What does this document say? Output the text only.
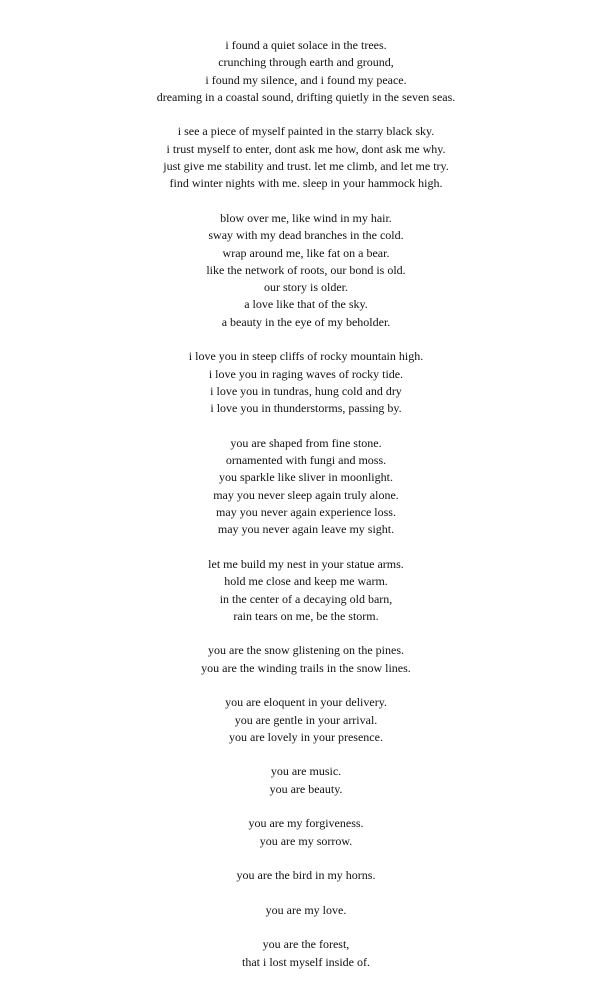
i found a quiet solace in the trees.
crunching through earth and ground,
i found my silence, and i found my peace.
dreaming in a coastal sound, drifting quietly in the seven seas.
i see a piece of myself painted in the starry black sky.
i trust myself to enter, dont ask me how, dont ask me why.
just give me stability and trust. let me climb, and let me try.
find winter nights with me. sleep in your hammock high.
blow over me, like wind in my hair.
sway with my dead branches in the cold.
wrap around me, like fat on a bear.
like the network of roots, our bond is old.
our story is older.
a love like that of the sky.
a beauty in the eye of my beholder.
i love you in steep cliffs of rocky mountain high.
i love you in raging waves of rocky tide.
i love you in tundras, hung cold and dry
i love you in thunderstorms, passing by.
you are shaped from fine stone.
ornamented with fungi and moss.
you sparkle like sliver in moonlight.
may you never sleep again truly alone.
may you never again experience loss.
may you never again leave my sight.
let me build my nest in your statue arms.
hold me close and keep me warm.
in the center of a decaying old barn,
rain tears on me, be the storm.
you are the snow glistening on the pines.
you are the winding trails in the snow lines.
you are eloquent in your delivery.
you are gentle in your arrival.
you are lovely in your presence.
you are music.
you are beauty.
you are my forgiveness.
you are my sorrow.
you are the bird in my horns.
you are my love.
you are the forest,
that i lost myself inside of.
